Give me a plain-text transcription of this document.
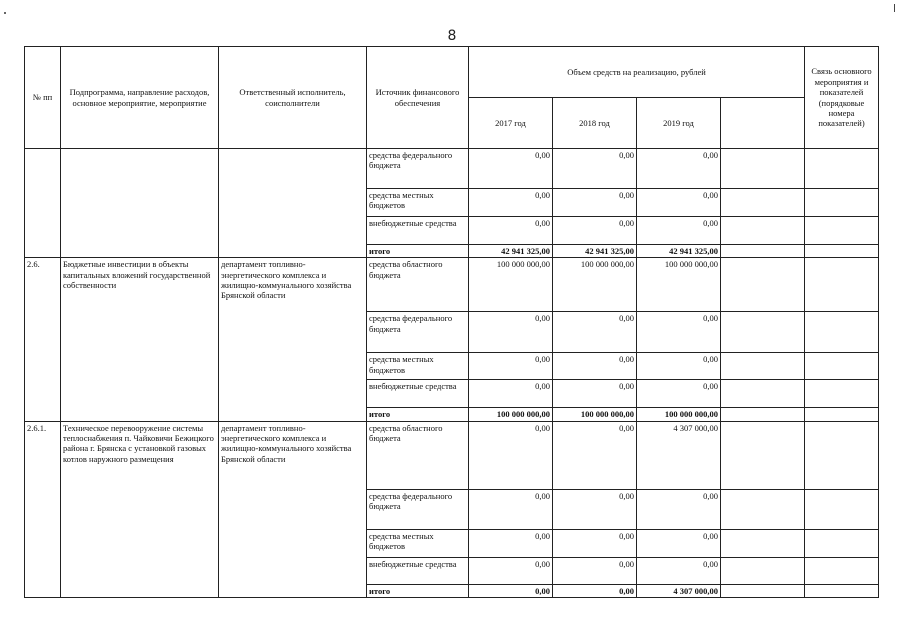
8
№ пп	Подпрограмма, направление расходов, основное мероприятие, мероприятие	Ответственный исполнитель, соисполнители	Источник финансового обеспечения	Объем средств на реализацию, рублей				Связь основного мероприятия и показателей (порядковые номера показателей)
				2017 год	2018 год	2019 год		
			средства федерального бюджета	0,00	0,00	0,00		
			средства местных бюджетов	0,00	0,00	0,00		
			внебюджетные средства	0,00	0,00	0,00		
			итого	42 941 325,00	42 941 325,00	42 941 325,00		
2.6.	Бюджетные инвестиции в объекты капитальных вложений государственной собственности	департамент топливно-энергетического комплекса и жилищно-коммунального хозяйства Брянской области	средства областного бюджета	100 000 000,00	100 000 000,00	100 000 000,00		
			средства федерального бюджета	0,00	0,00	0,00		
			средства местных бюджетов	0,00	0,00	0,00		
			внебюджетные средства	0,00	0,00	0,00		
			итого	100 000 000,00	100 000 000,00	100 000 000,00		
2.6.1.	Техническое перевооружение системы теплоснабжения п. Чайковичи Бежицкого района г. Брянска с установкой газовых котлов наружного размещения	департамент топливно-энергетического комплекса и жилищно-коммунального хозяйства Брянской области	средства областного бюджета	0,00	0,00	4 307 000,00		
			средства федерального бюджета	0,00	0,00	0,00		
			средства местных бюджетов	0,00	0,00	0,00		
			внебюджетные средства	0,00	0,00	0,00		
			итого	0,00	0,00	4 307 000,00		
